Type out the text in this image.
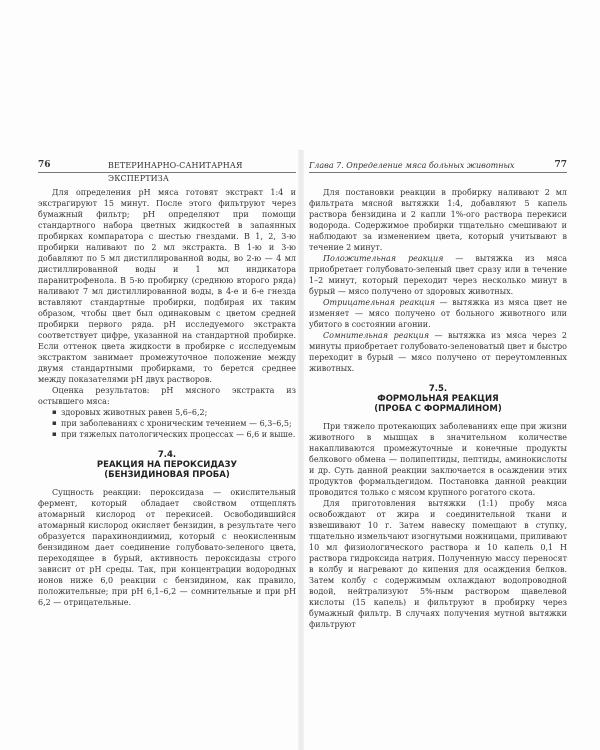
76	ВЕТЕРИНАРНО-САНИТАРНАЯ ЭКСПЕРТИЗА

Для определения pH мяса готовят экстракт 1:4 и экстрагируют 15 минут. После этого фильтруют через бумажный фильтр; pH определяют при помощи стандартного набора цветных жидкостей в запаянных пробирках компаратора с шестью гнездами. В 1, 2, 3-ю пробирки наливают по 2 мл экстракта. В 1-ю и 3-ю добавляют по 5 мл дистиллированной воды, во 2-ю — 4 мл дистиллированной воды и 1 мл индикатора паранитрофенола. В 5-ю пробирку (среднюю второго ряда) наливают 7 мл дистиллированной воды, в 4-е и 6-е гнезда вставляют стандартные пробирки, подбирая их таким образом, чтобы цвет был одинаковым с цветом средней пробирки первого ряда. pH исследуемого экстракта соответствует цифре, указанной на стандартной пробирке. Если оттенок цвета жидкости в пробирке с исследуемым экстрактом занимает промежуточное положение между двумя стандартными пробирками, то берется среднее между показателями pH двух растворов.

Оценка результатов: pH мясного экстракта из остывшего мяса:

▪ здоровых животных равен 5,6–6,2;
▪ при заболеваниях с хроническим течением — 6,3–6,5;
▪ при тяжелых патологических процессах — 6,6 и выше.
7.4.
РЕАКЦИЯ НА ПЕРОКСИДАЗУ
(БЕНЗИДИНОВАЯ ПРОБА)

Сущность реакции: пероксидаза — окислительный фермент, который обладает свойством отщеплять атомарный кислород от перекисей. Освободившийся атомарный кислород окисляет бензидин, в результате чего образуется парахинондиимид, который с неокисленным бензидином дает соединение голубовато-зеленого цвета, переходящее в бурый, активность пероксидазы строго зависит от pH среды. Так, при концентрации водородных ионов ниже 6,0 реакции с бензидином, как правило, положительные; при pH 6,1–6,2 — сомнительные и при pH 6,2 — отрицательные.

Глава 7. Определение мяса больных животных	77

Для постановки реакции в пробирку наливают 2 мл фильтрата мясной вытяжки 1:4, добавляют 5 капель раствора бензидина и 2 капли 1%-ого раствора перекиси водорода. Содержимое пробирки тщательно смешивают и наблюдают за изменением цвета, который учитывают в течение 2 минут.

Положительная реакция — вытяжка из мяса приобретает голубовато-зеленый цвет сразу или в течение 1–2 минут, который переходит через несколько минут в бурый — мясо получено от здоровых животных.

Отрицательная реакция — вытяжка из мяса цвет не изменяет — мясо получено от больного животного или убитого в состоянии агонии.

Сомнительная реакция — вытяжка из мяса через 2 минуты приобретает голубовато-зеленоватый цвет и быстро переходит в бурый — мясо получено от переутомленных животных.

7.5.
ФОРМОЛЬНАЯ РЕАКЦИЯ
(ПРОБА С ФОРМАЛИНОМ)

При тяжело протекающих заболеваниях еще при жизни животного в мышцах в значительном количестве накапливаются промежуточные и конечные продукты белкового обмена — полипептиды, пептиды, аминокислоты и др. Суть данной реакции заключается в осаждении этих продуктов формальдегидом. Постановка данной реакции проводится только с мясом крупного рогатого скота.

Для приготовления вытяжки (1:1) пробу мяса освобождают от жира и соединительной ткани и взвешивают 10 г. Затем навеску помещают в ступку, тщательно измельчают изогнутыми ножницами, приливают 10 мл физиологического раствора и 10 капель 0,1 Н раствора гидроксида натрия. Полученную массу переносят в колбу и нагревают до кипения для осаждения белков. Затем колбу с содержимым охлаждают водопроводной водой, нейтрализуют 5%-ным раствором щавелевой кислоты (15 капель) и фильтруют в пробирку через бумажный фильтр. В случаях получения мутной вытяжки фильтруют
